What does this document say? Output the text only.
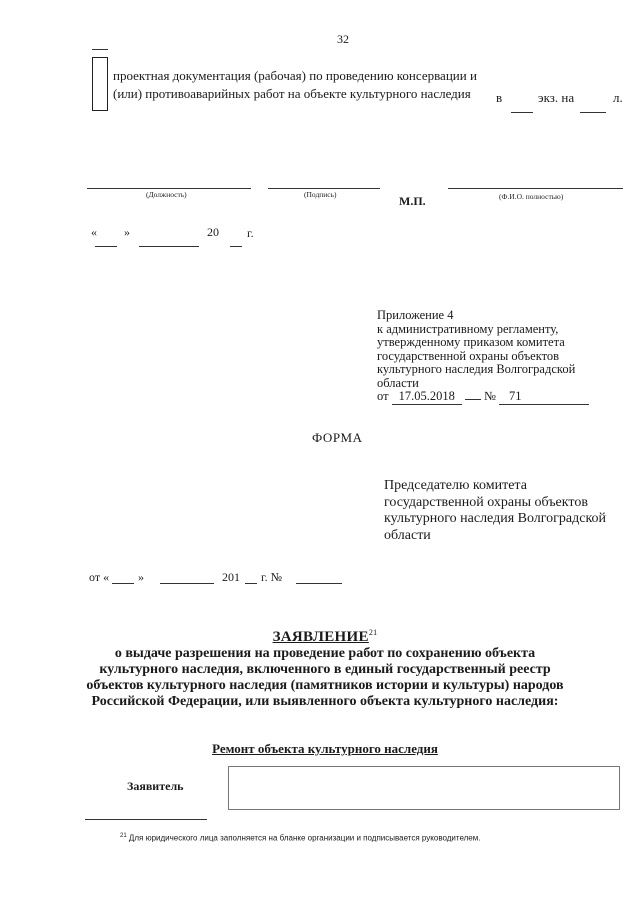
32
проектная документация (рабочая) по проведению консервации и
(или) противоаварийных работ на объекте культурного наследия в	экз. на	л.
(Должность)	(Подпись)	М.П.	(Ф.И.О. полностью)
« »	20 г.
Приложение 4
к административному регламенту, утвержденному приказом комитета государственной охраны объектов культурного наследия Волгоградской области
от 17.05.2018 № 71
ФОРМА
Председателю комитета государственной охраны объектов культурного наследия Волгоградской области
от « »	201 г. №
ЗАЯВЛЕНИЕ$^{21}$
о выдаче разрешения на проведение работ по сохранению объекта культурного наследия, включенного в единый государственный реестр объектов культурного наследия (памятников истории и культуры) народов Российской Федерации, или выявленного объекта культурного наследия:
Ремонт объекта культурного наследия
Заявитель
$^{21}$ Для юридического лица заполняется на бланке организации и подписывается руководителем.
